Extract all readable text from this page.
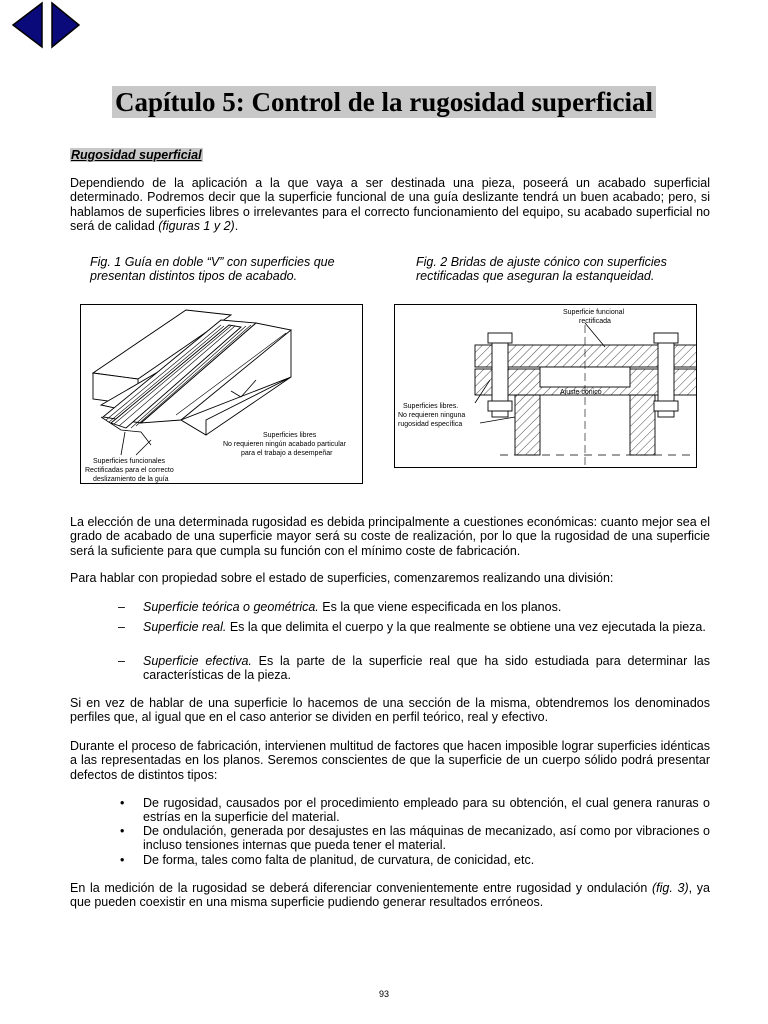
Capítulo 5: Control de la rugosidad superficial
Rugosidad superficial
Dependiendo de la aplicación a la que vaya a ser destinada una pieza, poseerá un acabado superficial determinado. Podremos decir que la superficie funcional de una guía deslizante tendrá un buen acabado; pero, si hablamos de superficies libres o irrelevantes para el correcto funcionamiento del equipo, su acabado superficial no será de calidad (figuras 1 y 2).
Fig. 1 Guía en doble “V” con superficies que presentan distintos tipos de acabado.
Fig. 2 Bridas de ajuste cónico con superficies rectificadas que aseguran la estanqueidad.
Superficies libres
No requieren ningún acabado particular
para el trabajo a desempeñar
Superficies funcionales
Rectificadas para el correcto
deslizamiento de la guía
Superficie funcional
rectificada
Ajuste cónico
Superficies libres.
No requieren ninguna
rugosidad específica
La elección de una determinada rugosidad es debida principalmente a cuestiones económicas: cuanto mejor sea el grado de acabado de una superficie mayor será su coste de realización, por lo que la rugosidad de una superficie será la suficiente para que cumpla su función con el mínimo coste de fabricación.
Para hablar con propiedad sobre el estado de superficies, comenzaremos realizando una división:
– Superficie teórica o geométrica. Es la que viene especificada en los planos.
– Superficie real. Es la que delimita el cuerpo y la que realmente se obtiene una vez ejecutada la pieza.
– Superficie efectiva. Es la parte de la superficie real que ha sido estudiada para determinar las características de la pieza.
Si en vez de hablar de una superficie lo hacemos de una sección de la misma, obtendremos los denominados perfiles que, al igual que en el caso anterior se dividen en perfil teórico, real y efectivo.
Durante el proceso de fabricación, intervienen multitud de factores que hacen imposible lograr superficies idénticas a las representadas en los planos. Seremos conscientes de que la superficie de un cuerpo sólido podrá presentar defectos de distintos tipos:
• De rugosidad, causados por el procedimiento empleado para su obtención, el cual genera ranuras o estrías en la superficie del material.
• De ondulación, generada por desajustes en las máquinas de mecanizado, así como por vibraciones o incluso tensiones internas que pueda tener el material.
• De forma, tales como falta de planitud, de curvatura, de conicidad, etc.
En la medición de la rugosidad se deberá diferenciar convenientemente entre rugosidad y ondulación (fig. 3), ya que pueden coexistir en una misma superficie pudiendo generar resultados erróneos.
93
